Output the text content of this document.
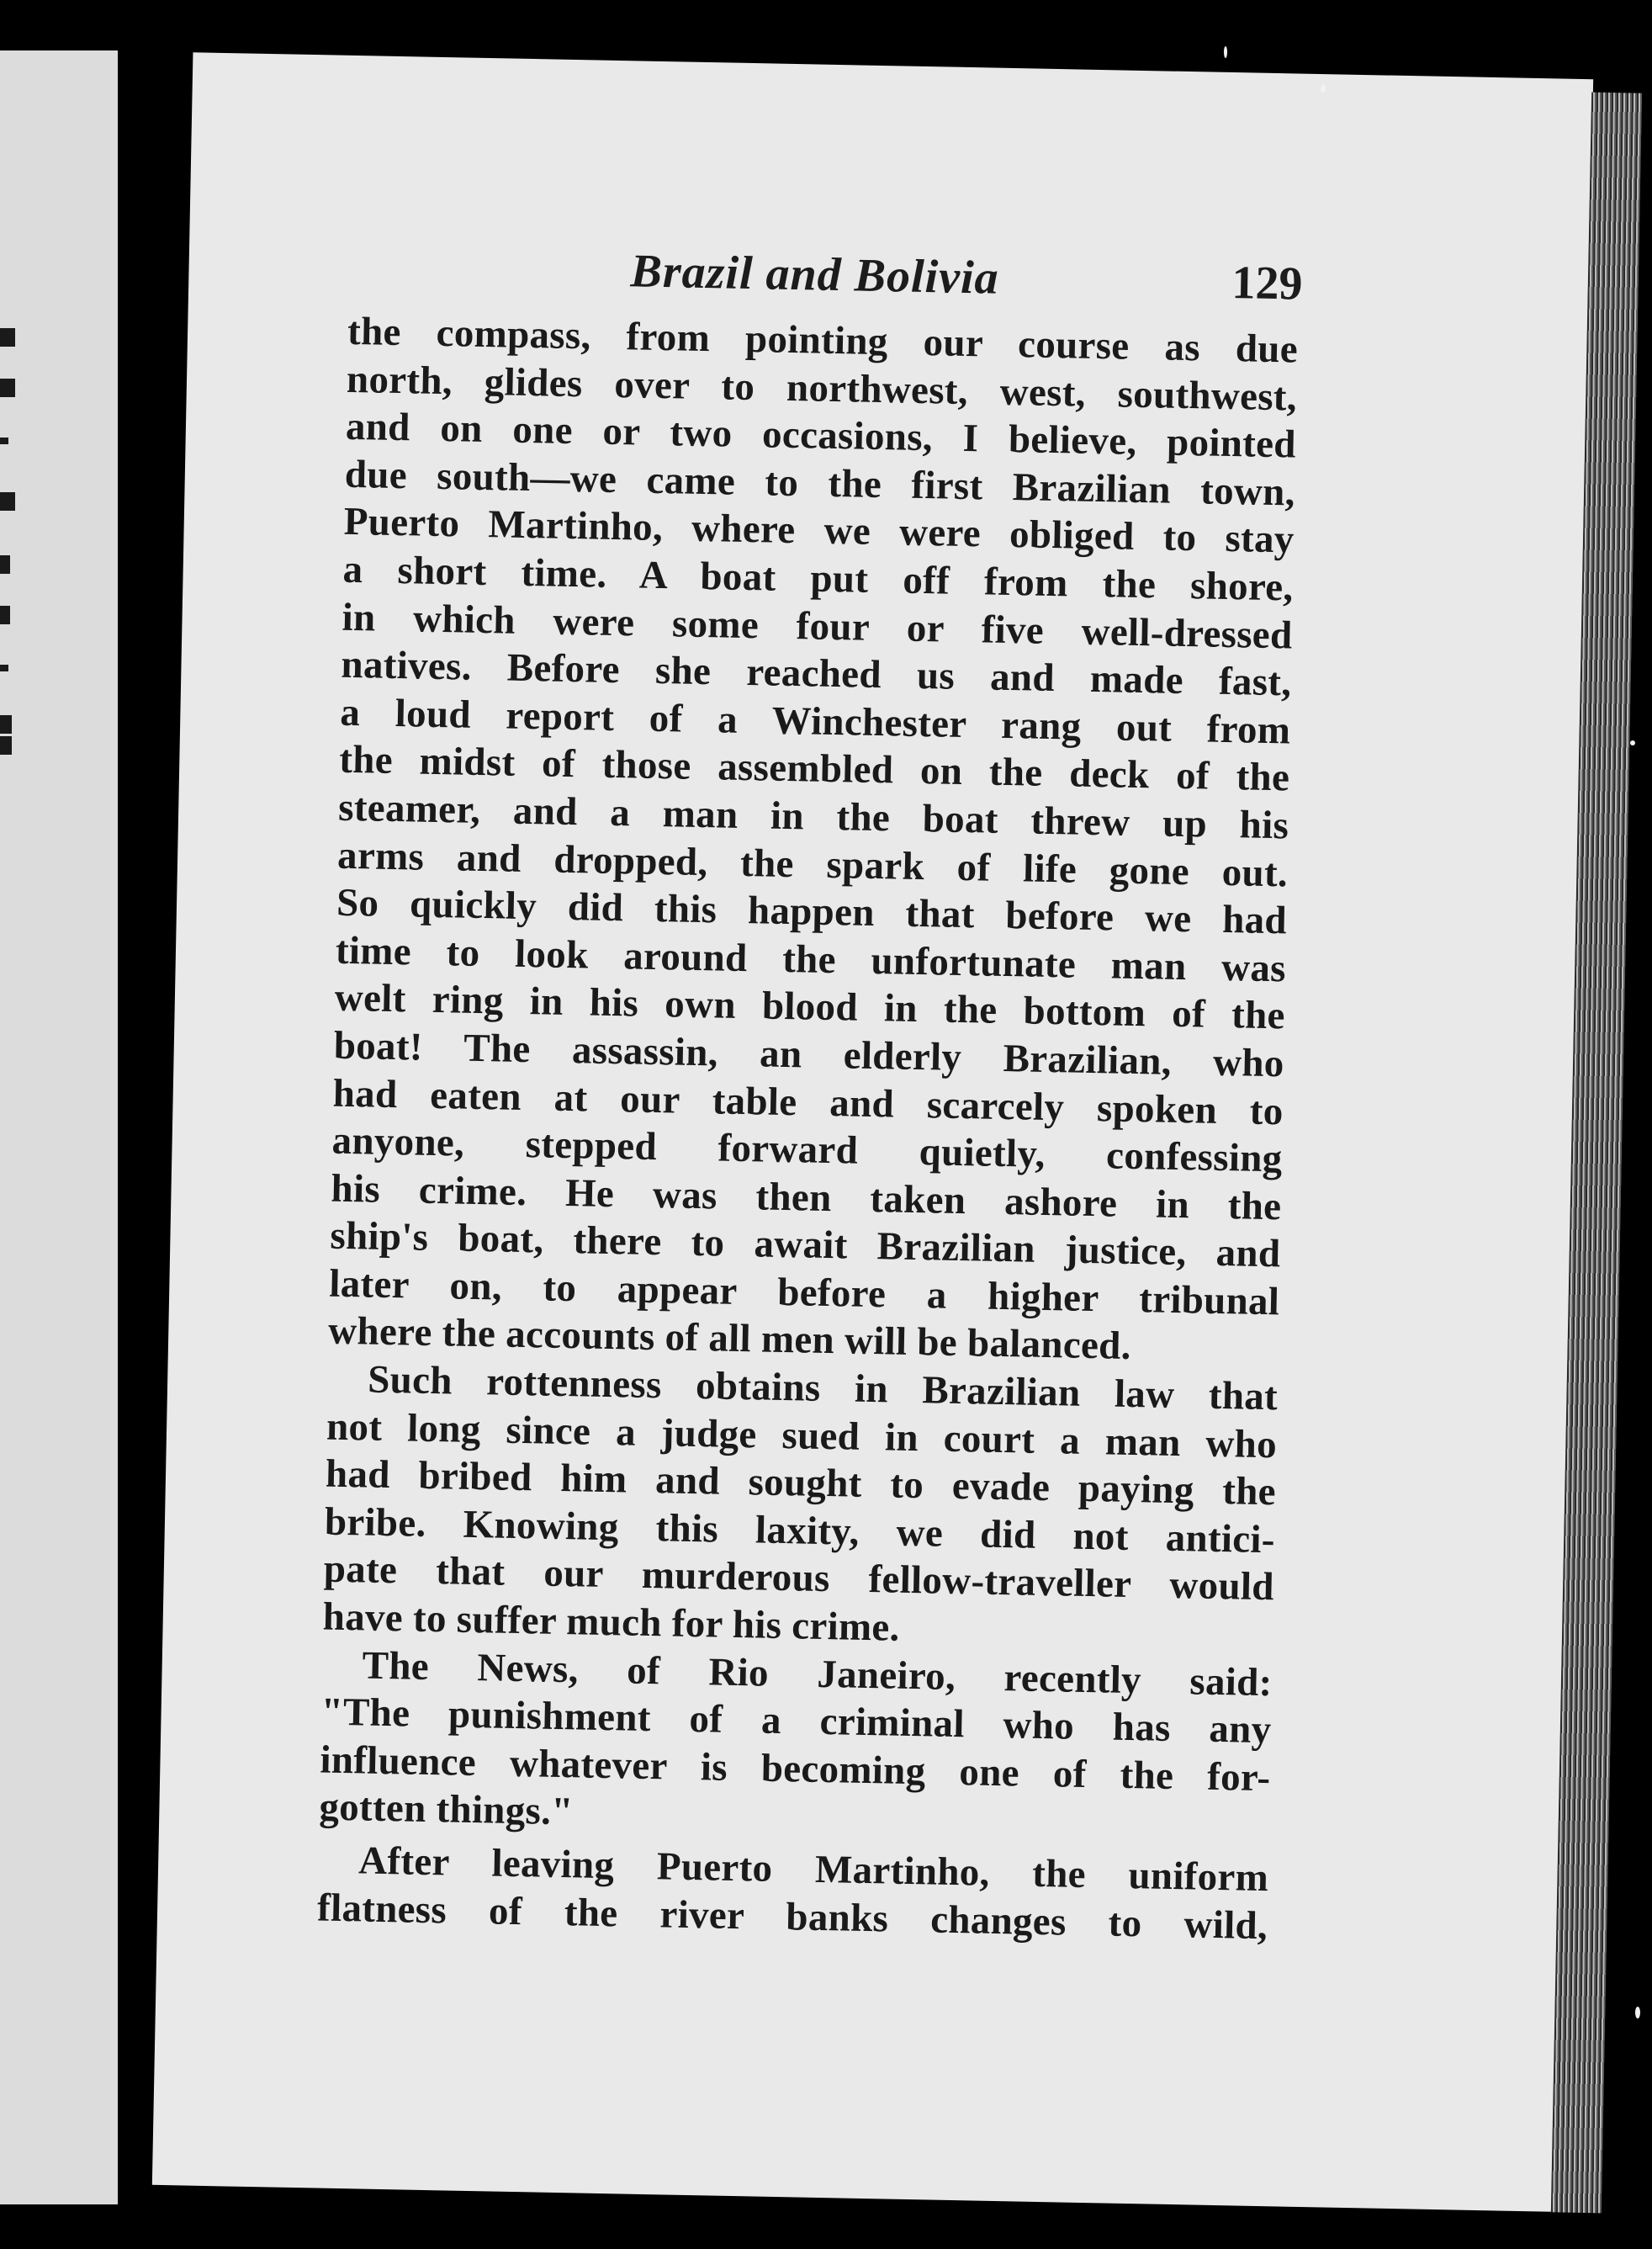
Brazil and Bolivia	129
the compass, from pointing our course as due
north, glides over to northwest, west, southwest,
and on one or two occasions, I believe, pointed
due south—we came to the first Brazilian town,
Puerto Martinho, where we were obliged to stay
a short time. A boat put off from the shore,
in which were some four or five well-dressed
natives. Before she reached us and made fast,
a loud report of a Winchester rang out from
the midst of those assembled on the deck of the
steamer, and a man in the boat threw up his
arms and dropped, the spark of life gone out.
So quickly did this happen that before we had
time to look around the unfortunate man was
welt ring in his own blood in the bottom of the
boat! The assassin, an elderly Brazilian, who
had eaten at our table and scarcely spoken to
anyone, stepped forward quietly, confessing
his crime. He was then taken ashore in the
ship's boat, there to await Brazilian justice, and
later on, to appear before a higher tribunal
where the accounts of all men will be balanced.
Such rottenness obtains in Brazilian law that
not long since a judge sued in court a man who
had bribed him and sought to evade paying the
bribe. Knowing this laxity, we did not antici-
pate that our murderous fellow-traveller would
have to suffer much for his crime.
The News, of Rio Janeiro, recently said:
"The punishment of a criminal who has any
influence whatever is becoming one of the for-
gotten things."
After leaving Puerto Martinho, the uniform
flatness of the river banks changes to wild,
